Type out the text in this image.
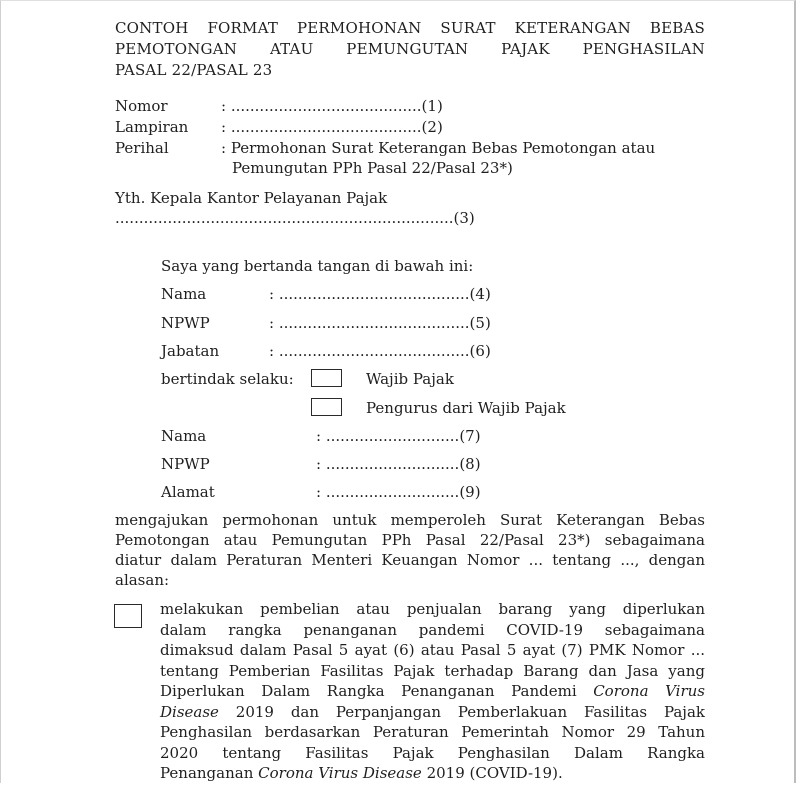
CONTOH FORMAT PERMOHONAN SURAT KETERANGAN BEBAS
PEMOTONGAN ATAU PEMUNGUTAN PAJAK PENGHASILAN
PASAL 22/PASAL 23
Nomor	: ........................................(1)
Lampiran : ........................................(2)
Perihal	: Permohonan Surat Keterangan Bebas Pemotongan atau
Pemungutan PPh Pasal 22/Pasal 23*)
Yth. Kepala Kantor Pelayanan Pajak
.......................................................................(3)
Saya yang bertanda tangan di bawah ini:
Nama	: ........................................(4)
NPWP	: ........................................(5)
Jabatan	: ........................................(6)
bertindak selaku:	Wajib Pajak
Pengurus dari Wajib Pajak
Nama	: ............................(7)
NPWP	: ............................(8)
Alamat	: ............................(9)
mengajukan permohonan untuk memperoleh Surat Keterangan Bebas
Pemotongan atau Pemungutan PPh Pasal 22/Pasal 23*) sebagaimana
diatur dalam Peraturan Menteri Keuangan Nomor ... tentang ..., dengan
alasan:
melakukan pembelian atau penjualan barang yang diperlukan
dalam rangka penanganan pandemi COVID-19 sebagaimana
dimaksud dalam Pasal 5 ayat (6) atau Pasal 5 ayat (7) PMK Nomor ...
tentang Pemberian Fasilitas Pajak terhadap Barang dan Jasa yang
Diperlukan Dalam Rangka Penanganan Pandemi Corona Virus
Disease 2019 dan Perpanjangan Pemberlakuan Fasilitas Pajak
Penghasilan berdasarkan Peraturan Pemerintah Nomor 29 Tahun
2020 tentang Fasilitas Pajak Penghasilan Dalam Rangka
Penanganan Corona Virus Disease 2019 (COVID-19).
